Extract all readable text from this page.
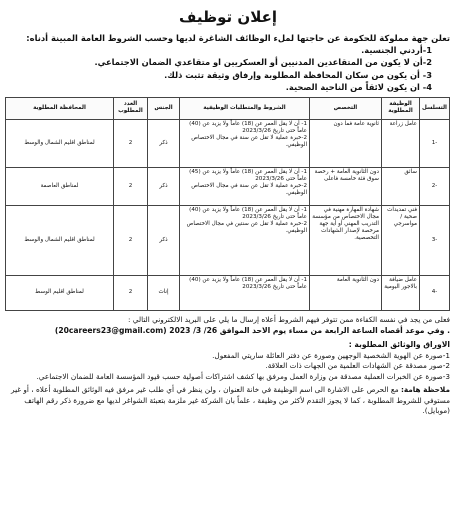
إعلان توظيف
تعلن جهة مملوكة للحكومة عن حاجتها لملء الوظائف الشاغرة لديها وحسب الشروط العامة المبينة أدناه:
1-أردني الجنسية.
2-أن لا يكون من المتقاعدين المدنيين أو العسكريين او متقاعدي الضمان الاجتماعي.
3- أن يكون من سكان المحافظة المطلوبة وإرفاق وثيقة تثبت ذلك.
4- ان يكون لائقاً من الناحية الصحية.
التسلسل	الوظيفة المطلوبة	التخصص	الشروط والمتطلبات الوظيفية	الجنس	العدد المطلوب	المحافظة المطلوبة
-1	عامل زراعة	ثانوية عامة فما دون	1- أن لا يقل العمر عن (18) عاماً ولا يزيد عن (40) عاماً حتى تاريخ 2023/3/26
2-خبرة عملية لا تقل عن سنة في مجال الاختصاص الوظيفي.	ذكر	2	لمناطق اقليم الشمال والوسط
-2	سائق	دون الثانوية العامة + رخصة سوق فئة خامسة فاعلى	1- أن لا يقل العمر عن (18) عاماً ولا يزيد عن (45) عاماً حتى 2023/3/26
2-خبرة عملية لا تقل عن سنة في مجال الاختصاص الوظيفي.	ذكر	2	لمناطق العاصمة
-3	فني تمديدات صحية / مواسرجي	شهادة المهارة مهنية في مجال الاختصاص من مؤسسة التدريب المهني أو أية جهة مرخصة لإصدار الشهادات التخصصية.	1- أن لا يقل العمر عن (18) عاماً ولا يزيد عن (40) عاماً حتى تاريخ 2023/3/26
2-خبرة عملية لا تقل عن سنتين في مجال الاختصاص الوظيفي.	ذكر	2	لمناطق اقليم الشمال والوسط
-4	عامل ضيافة بالاجور اليومية	دون الثانوية العامة	1- أن لا يقل العمر عن (18) عاماً ولا يزيد عن (40) عاماً حتى تاريخ 2023/3/26	إناث	2	لمناطق اقليم الوسط
فعلى من يجد في نفسه الكفاءة ممن تتوفر فيهم الشروط أعلاه إرسال ما يلي على البريد الالكتروني التالي :
(20careers23@gmail.com) وفي موعد أقصاه الساعة الرابعة من مساء يوم الاحد الموافق 26/ 3/ 2023 .
الاوراق والوثائق المطلوبة :
1-صورة عن الهوية الشخصية الوجهين وصورة عن دفتر العائلة ساريتي المفعول.
2-صور مصدقة عن الشهادات العلمية من الجهات ذات العلاقة.
3-صورة عن الخبرات العملية مصدقة من وزارة العمل ومرفق بها كشف اشتراكات أصولية حسب قيود المؤسسة العامة للضمان الاجتماعي.
ملاحظة هامة: مع الحرص على الاشارة الى اسم الوظيفة في خانة العنوان ، ولن ينظر في أي طلب غير مرفق فيه الوثائق المطلوبة أعلاه ، أو غير مستوفي للشروط المطلوبة ، كما لا يجوز التقدم لأكثر من وظيفة ، علماً بان الشركة غير ملزمة بتعبئة الشواغر لديها مع ضرورة ذكر رقم الهاتف (موبايل).
